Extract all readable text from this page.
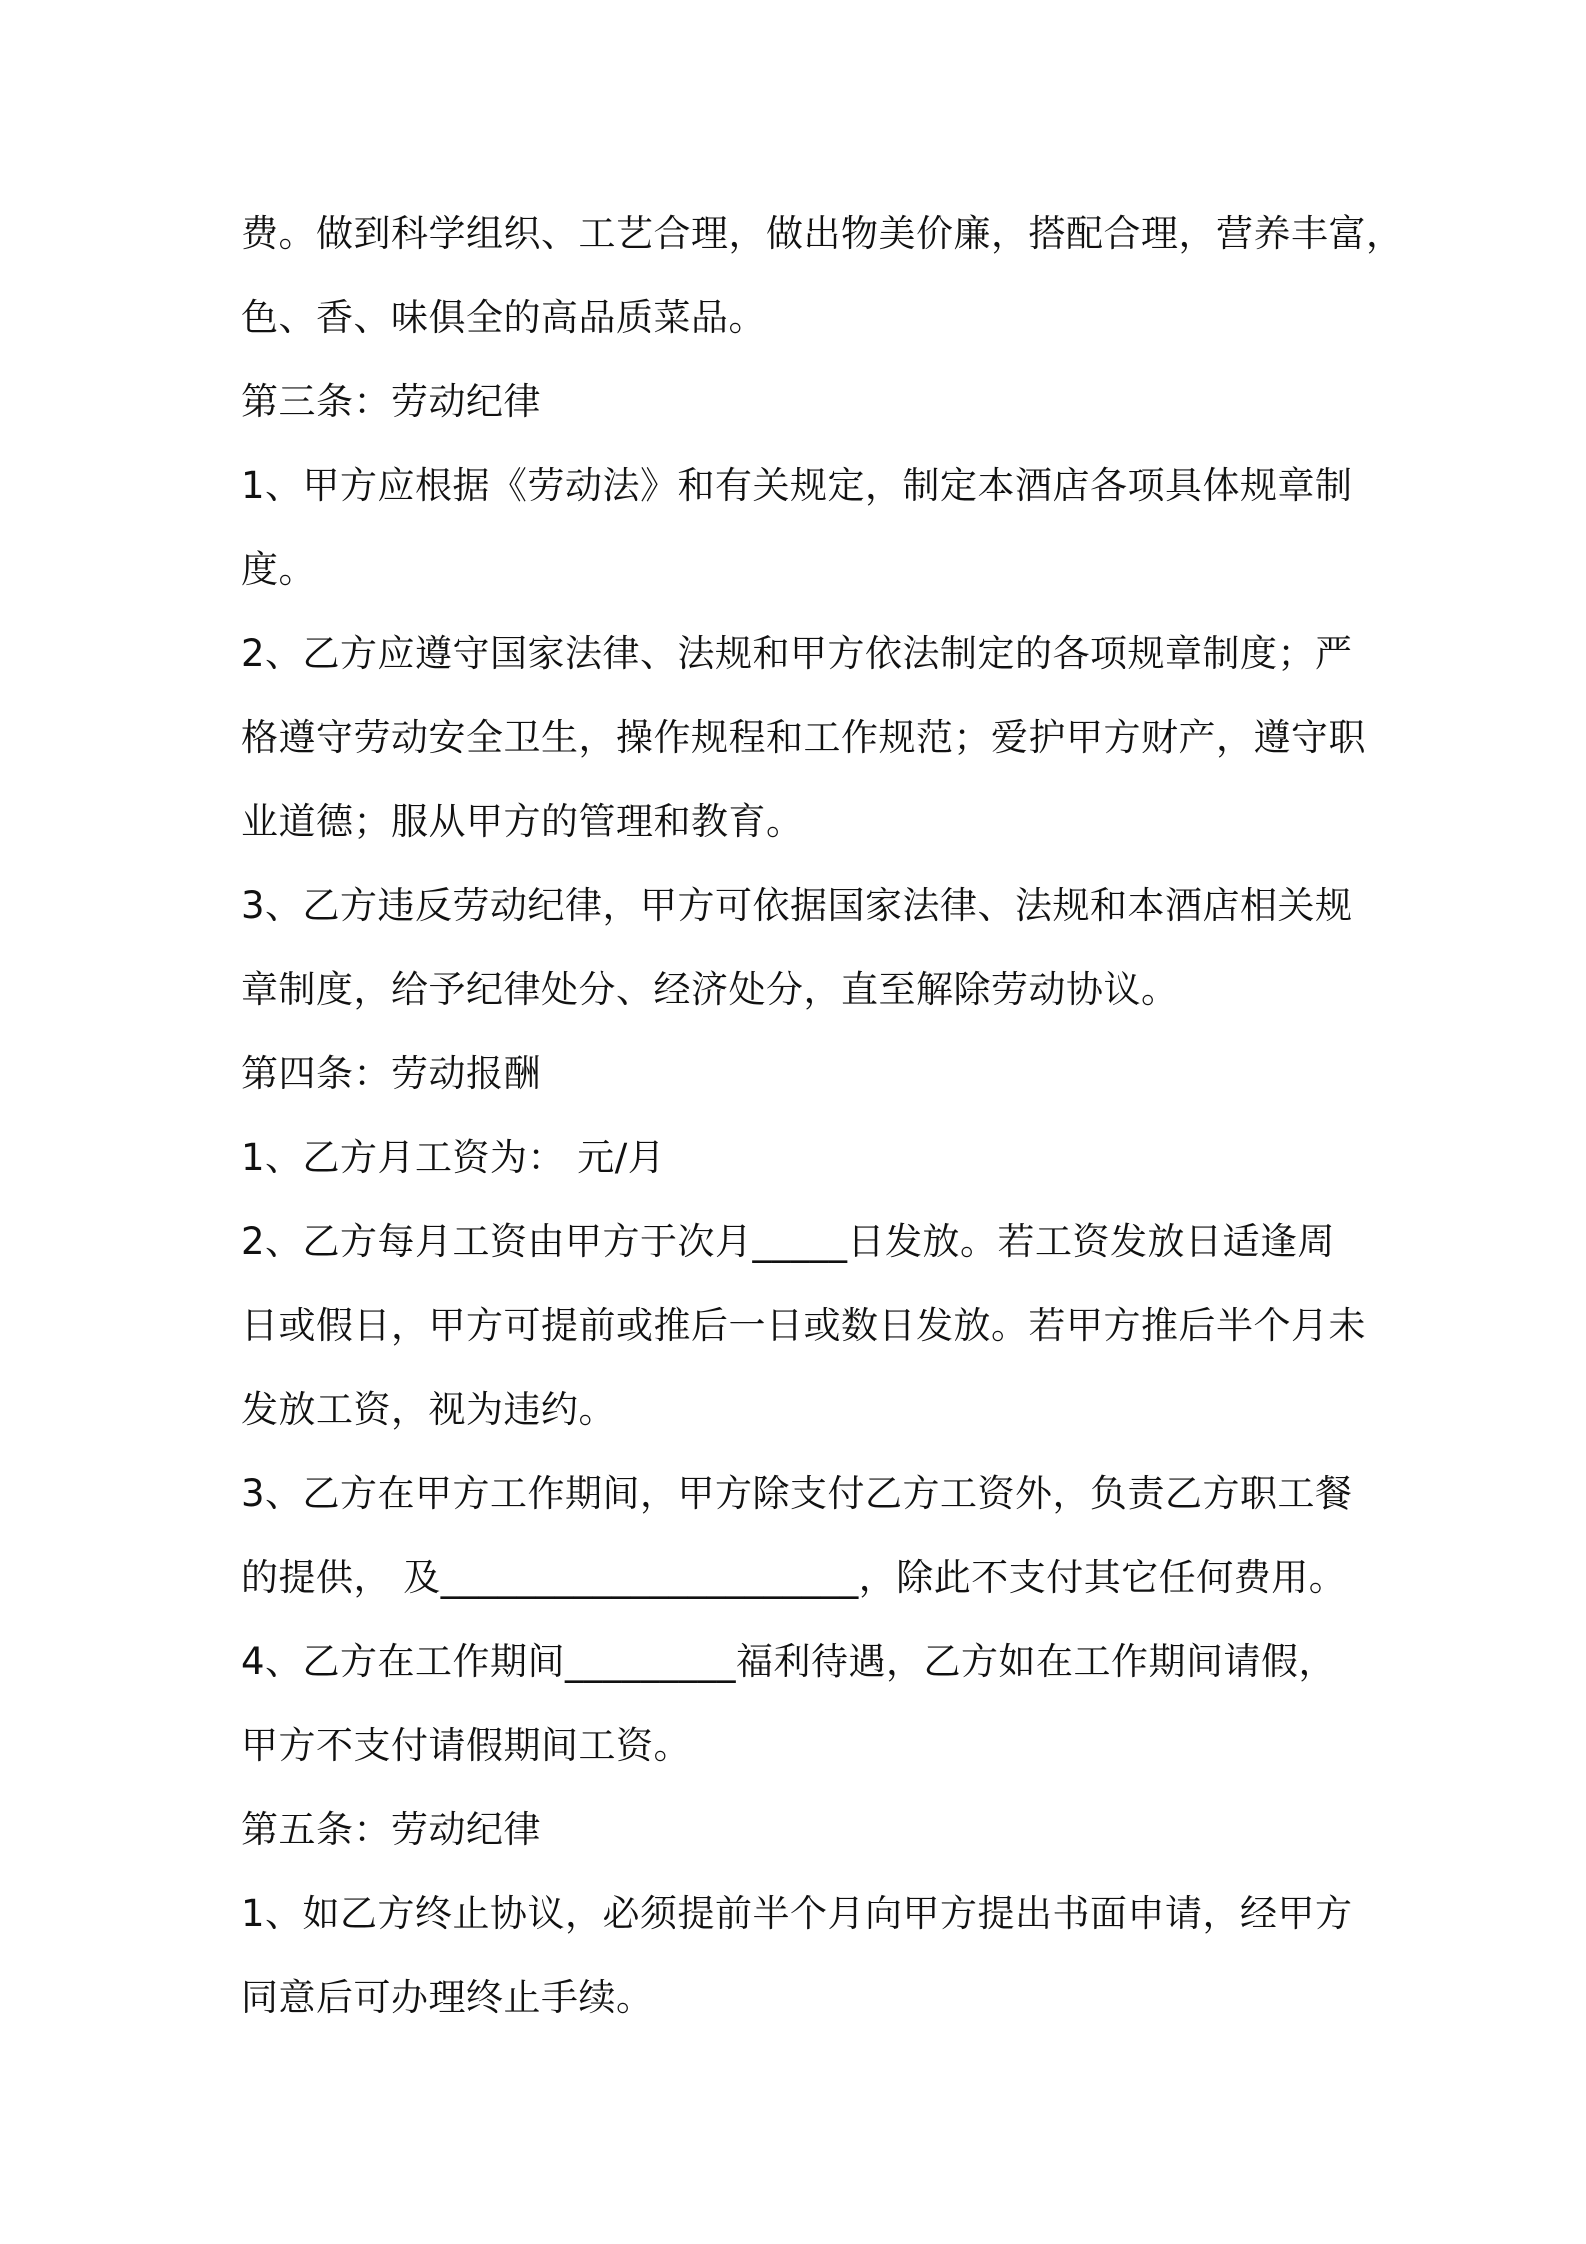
费。做到科学组织、工艺合理，做出物美价廉，搭配合理，营养丰富，
色、香、味俱全的高品质菜品。
第三条：劳动纪律
1、甲方应根据《劳动法》和有关规定，制定本酒店各项具体规章制
度。
2、乙方应遵守国家法律、法规和甲方依法制定的各项规章制度；严
格遵守劳动安全卫生，操作规程和工作规范；爱护甲方财产，遵守职
业道德；服从甲方的管理和教育。
3、乙方违反劳动纪律，甲方可依据国家法律、法规和本酒店相关规
章制度，给予纪律处分、经济处分，直至解除劳动协议。
第四条：劳动报酬
1、乙方月工资为： 元/月
2、乙方每月工资由甲方于次月_____日发放。若工资发放日适逢周
日或假日，甲方可提前或推后一日或数日发放。若甲方推后半个月未
发放工资，视为违约。
3、乙方在甲方工作期间，甲方除支付乙方工资外，负责乙方职工餐
的提供， 及______________________，除此不支付其它任何费用。
4、乙方在工作期间_________福利待遇，乙方如在工作期间请假，
甲方不支付请假期间工资。
第五条：劳动纪律
1、如乙方终止协议，必须提前半个月向甲方提出书面申请，经甲方
同意后可办理终止手续。
